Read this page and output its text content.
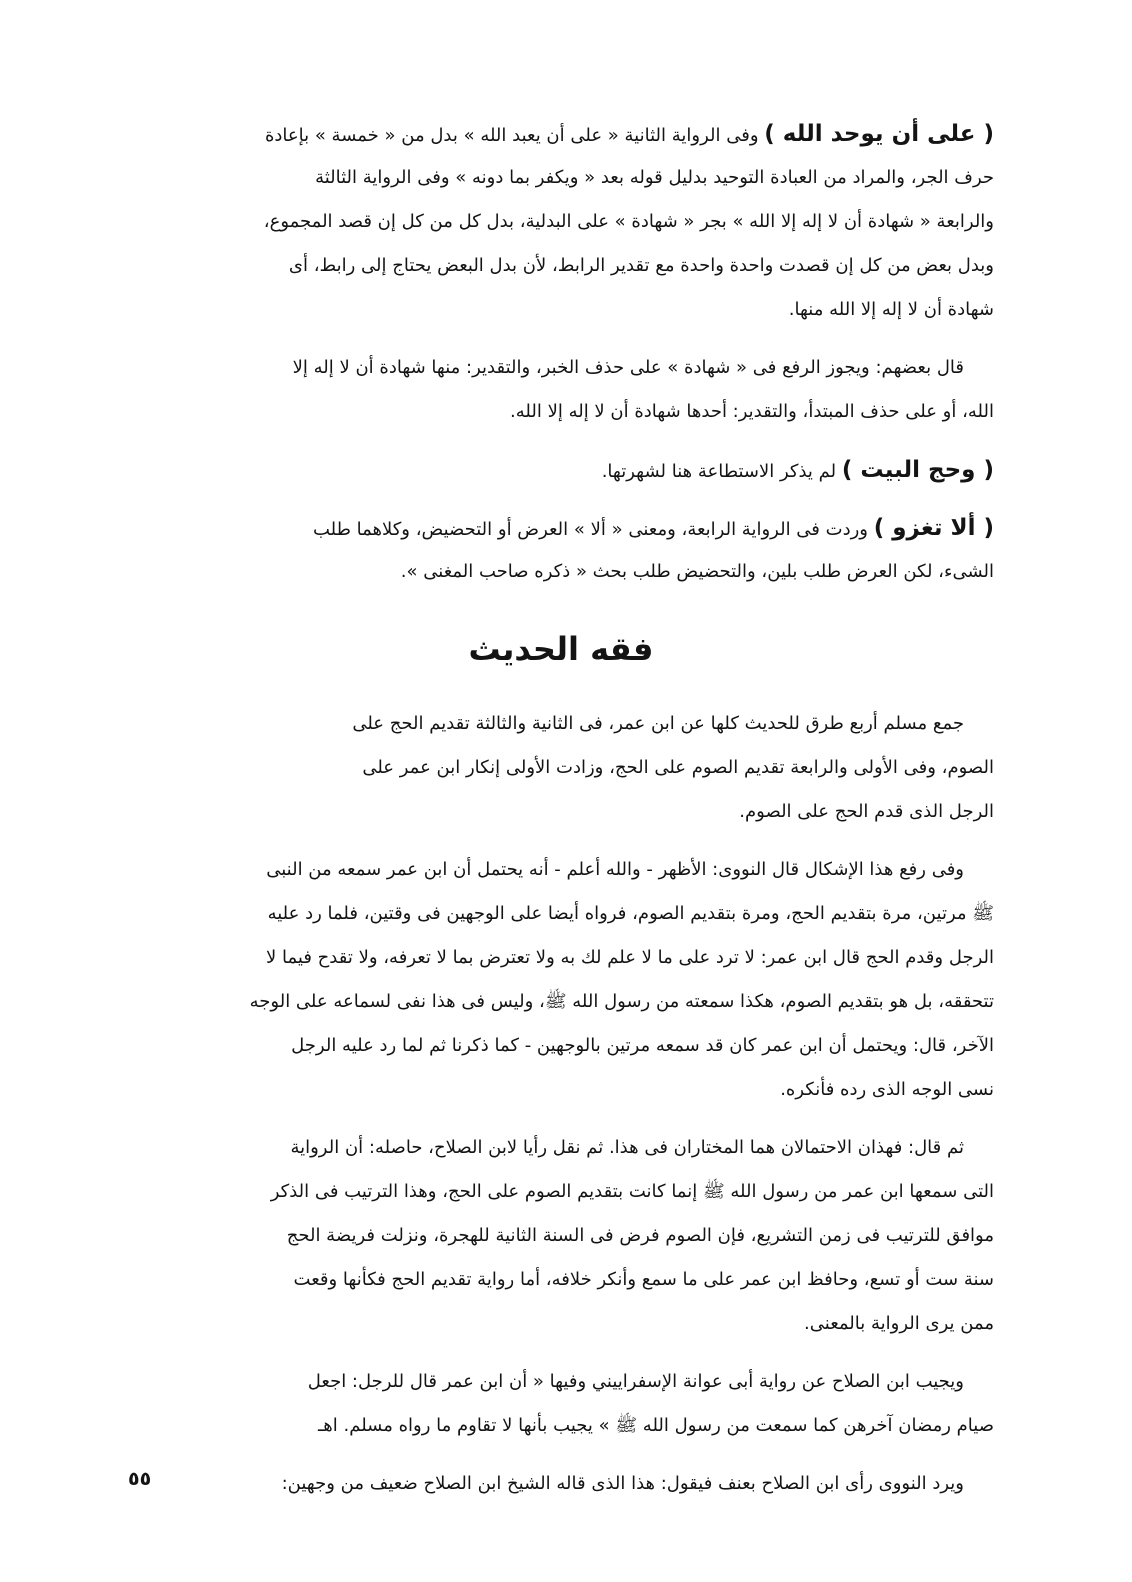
( على أن يوحد الله ) وفى الرواية الثانية « على أن يعبد الله » بدل من « خمسة » بإعادة
حرف الجر، والمراد من العبادة التوحيد بدليل قوله بعد « ويكفر بما دونه » وفى الرواية الثالثة
والرابعة « شهادة أن لا إله إلا الله » بجر « شهادة » على البدلية، بدل كل من كل إن قصد المجموع،
وبدل بعض من كل إن قصدت واحدة واحدة مع تقدير الرابط، لأن بدل البعض يحتاج إلى رابط، أى
شهادة أن لا إله إلا الله منها.
قال بعضهم: ويجوز الرفع فى « شهادة » على حذف الخبر، والتقدير: منها شهادة أن لا إله إلا
الله، أو على حذف المبتدأ، والتقدير: أحدها شهادة أن لا إله إلا الله.
( وحج البيت ) لم يذكر الاستطاعة هنا لشهرتها.
( ألا تغزو ) وردت فى الرواية الرابعة، ومعنى « ألا » العرض أو التحضيض، وكلاهما طلب
الشىء، لكن العرض طلب بلين، والتحضيض طلب بحث « ذكره صاحب المغنى ».
فقه الحديث
جمع مسلم أربع طرق للحديث كلها عن ابن عمر، فى الثانية والثالثة تقديم الحج على
الصوم، وفى الأولى والرابعة تقديم الصوم على الحج، وزادت الأولى إنكار ابن عمر على
الرجل الذى قدم الحج على الصوم.
وفى رفع هذا الإشكال قال النووى: الأظهر - والله أعلم - أنه يحتمل أن ابن عمر سمعه من النبى
ﷺ مرتين، مرة بتقديم الحج، ومرة بتقديم الصوم، فرواه أيضا على الوجهين فى وقتين، فلما رد عليه
الرجل وقدم الحج قال ابن عمر: لا ترد على ما لا علم لك به ولا تعترض بما لا تعرفه، ولا تقدح فيما لا
تتحققه، بل هو بتقديم الصوم، هكذا سمعته من رسول الله ﷺ، وليس فى هذا نفى لسماعه على الوجه
الآخر، قال: ويحتمل أن ابن عمر كان قد سمعه مرتين بالوجهين - كما ذكرنا ثم لما رد عليه الرجل
نسى الوجه الذى رده فأنكره.
ثم قال: فهذان الاحتمالان هما المختاران فى هذا. ثم نقل رأيا لابن الصلاح، حاصله: أن الرواية
التى سمعها ابن عمر من رسول الله ﷺ إنما كانت بتقديم الصوم على الحج، وهذا الترتيب فى الذكر
موافق للترتيب فى زمن التشريع، فإن الصوم فرض فى السنة الثانية للهجرة، ونزلت فريضة الحج
سنة ست أو تسع، وحافظ ابن عمر على ما سمع وأنكر خلافه، أما رواية تقديم الحج فكأنها وقعت
ممن يرى الرواية بالمعنى.
ويجيب ابن الصلاح عن رواية أبى عوانة الإسفراييني وفيها « أن ابن عمر قال للرجل: اجعل
صيام رمضان آخرهن كما سمعت من رسول الله ﷺ » يجيب بأنها لا تقاوم ما رواه مسلم. اهـ
ويرد النووى رأى ابن الصلاح بعنف فيقول: هذا الذى قاله الشيخ ابن الصلاح ضعيف من وجهين:
٥٥
